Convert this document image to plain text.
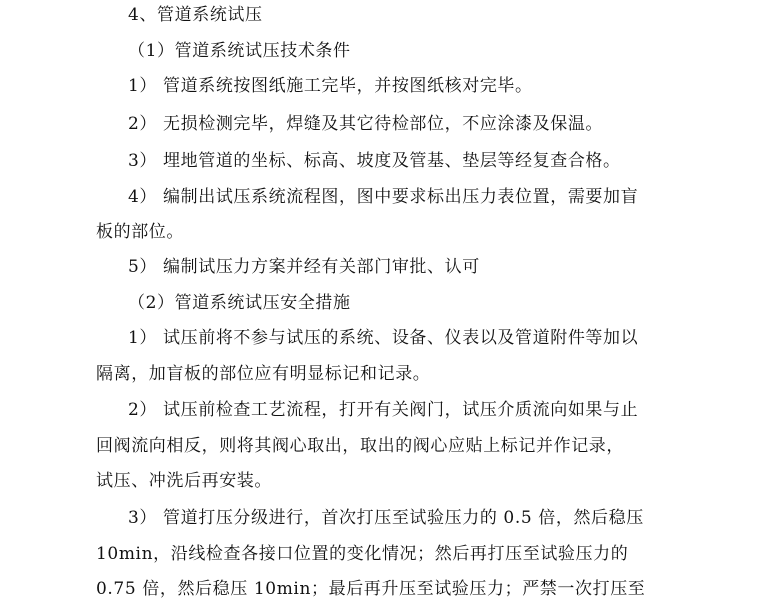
4、管道系统试压
（1）管道系统试压技术条件
1） 管道系统按图纸施工完毕，并按图纸核对完毕。
2） 无损检测完毕，焊缝及其它待检部位，不应涂漆及保温。
3） 埋地管道的坐标、标高、坡度及管基、垫层等经复查合格。
4） 编制出试压系统流程图，图中要求标出压力表位置，需要加盲
板的部位。
5） 编制试压力方案并经有关部门审批、认可
（2）管道系统试压安全措施
1） 试压前将不参与试压的系统、设备、仪表以及管道附件等加以
隔离，加盲板的部位应有明显标记和记录。
2） 试压前检查工艺流程，打开有关阀门，试压介质流向如果与止
回阀流向相反，则将其阀心取出，取出的阀心应贴上标记并作记录，
试压、冲洗后再安装。
3） 管道打压分级进行，首次打压至试验压力的 0.5 倍，然后稳压
10min，沿线检查各接口位置的变化情况；然后再打压至试验压力的
0.75 倍，然后稳压 10min；最后再升压至试验压力；严禁一次打压至
